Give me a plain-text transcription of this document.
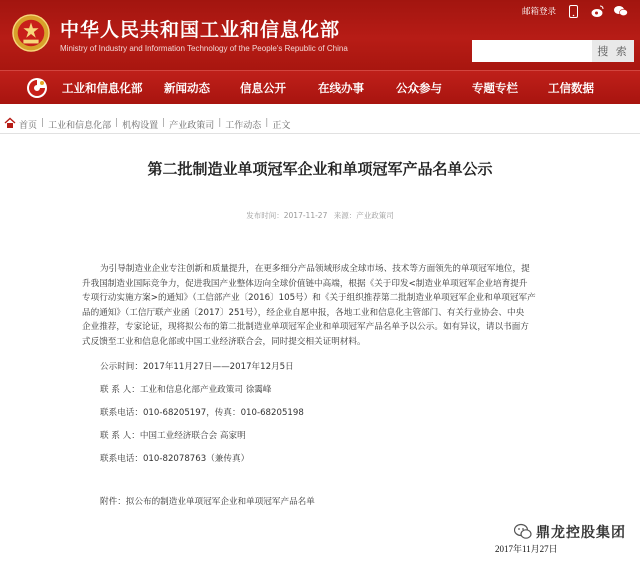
中华人民共和国工业和信息化部
Ministry of Industry and Information Technology of the People's Republic of China
邮箱登录
搜 索
工业和信息化部 新闻动态	信息公开	在线办事	公众参与	专题专栏	工信数据
首页 | 工业和信息化部 | 机构设置 | 产业政策司 | 工作动态 | 正文
第二批制造业单项冠军企业和单项冠军产品名单公示
发布时间：2017-11-27 来源：产业政策司
为引导制造业企业专注创新和质量提升，在更多细分产品领域形成全球市场、技术等方面领先的单项冠军地位，提
升我国制造业国际竞争力，促进我国产业整体迈向全球价值链中高端，根据《关于印发<制造业单项冠军企业培育提升
专项行动实施方案>的通知》（工信部产业〔2016〕105号）和《关于组织推荐第二批制造业单项冠军企业和单项冠军产
品的通知》（工信厅联产业函〔2017〕251号），经企业自愿申报，各地工业和信息化主管部门、有关行业协会、中央
企业推荐，专家论证，现将拟公布的第二批制造业单项冠军企业和单项冠军产品名单予以公示。如有异议，请以书面方
式反馈至工业和信息化部或中国工业经济联合会，同时提交相关证明材料。
公示时间：2017年11月27日——2017年12月5日
联 系 人：工业和信息化部产业政策司 徐霭峰
联系电话：010-68205197，传真：010-68205198
联 系 人：中国工业经济联合会 高家明
联系电话：010-82078763（兼传真）
附件：拟公布的制造业单项冠军企业和单项冠军产品名单
鼎龙控股集团
2017年11月27日
